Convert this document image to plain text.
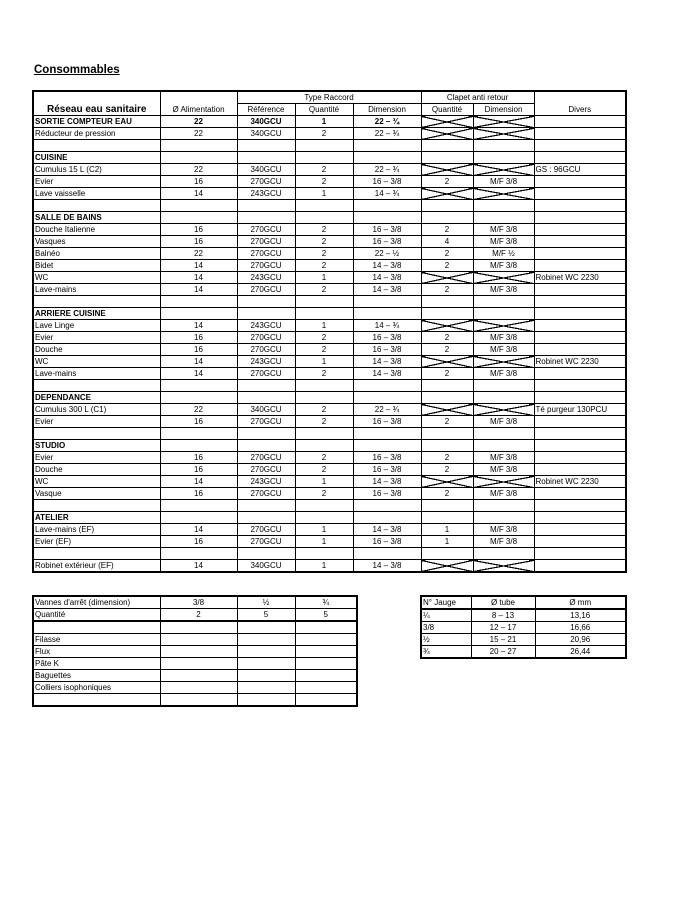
Consommables
Réseau eau sanitaire	Ø Alimentation	Type Raccord			Clapet anti retour		Divers
		Référence	Quantité	Dimension	Quantité	Dimension	
SORTIE COMPTEUR EAU	22	340GCU	1	22 – ¾			
Réducteur de pression	22	340GCU	2	22 – ¾			

CUISINE							
Cumulus 15 L (C2)	22	340GCU	2	22 – ¾			GS : 96GCU
Evier	16	270GCU	2	16 – 3/8	2	M/F 3/8	
Lave vaisselle	14	243GCU	1	14 – ¾			

SALLE DE BAINS							
Douche Italienne	16	270GCU	2	16 – 3/8	2	M/F 3/8	
Vasques	16	270GCU	2	16 – 3/8	4	M/F 3/8	
Balnéo	22	270GCU	2	22 – ½	2	M/F ½	
Bidet	14	270GCU	2	14 – 3/8	2	M/F 3/8	
WC	14	243GCU	1	14 – 3/8			Robinet WC 2230
Lave-mains	14	270GCU	2	14 – 3/8	2	M/F 3/8	

ARRIERE CUISINE							
Lave Linge	14	243GCU	1	14 – ¾			
Evier	16	270GCU	2	16 – 3/8	2	M/F 3/8	
Douche	16	270GCU	2	16 – 3/8	2	M/F 3/8	
WC	14	243GCU	1	14 – 3/8			Robinet WC 2230
Lave-mains	14	270GCU	2	14 – 3/8	2	M/F 3/8	

DEPENDANCE							
Cumulus 300 L (C1)	22	340GCU	2	22 – ¾			Té purgeur 130PCU
Evier	16	270GCU	2	16 – 3/8	2	M/F 3/8	

STUDIO							
Evier	16	270GCU	2	16 – 3/8	2	M/F 3/8	
Douche	16	270GCU	2	16 – 3/8	2	M/F 3/8	
WC	14	243GCU	1	14 – 3/8			Robinet WC 2230
Vasque	16	270GCU	2	16 – 3/8	2	M/F 3/8	

ATELIER							
Lave-mains (EF)	14	270GCU	1	14 – 3/8	1	M/F 3/8	
Evier (EF)	16	270GCU	1	16 – 3/8	1	M/F 3/8	

Robinet extérieur (EF)	14	340GCU	1	14 – 3/8			
Vannes d'arrêt (dimension)	3/8	½	¾
Quantité	2	5	5

Filasse			
Flux			
Pâte K			
Baguettes			
Colliers isophoniques			

N° Jauge	Ø tube	Ø mm
¼	8 – 13	13,16
3/8	12 – 17	16,66
½	15 – 21	20,96
¾	20 – 27	26,44
